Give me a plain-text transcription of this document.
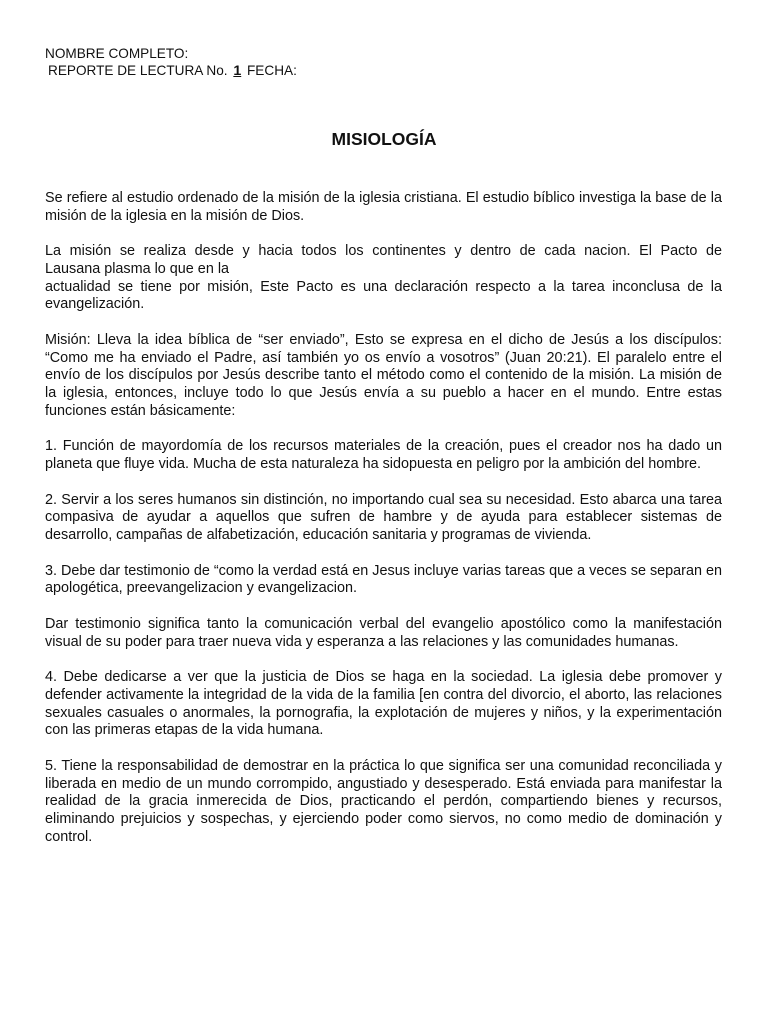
NOMBRE COMPLETO:
REPORTE DE LECTURA No. 1 FECHA:
MISIOLOGÍA

Se refiere al estudio ordenado de la misión de la iglesia cristiana. El estudio bíblico investiga la base de la misión de la iglesia en la misión de Dios.

La misión se realiza desde y hacia todos los continentes y dentro de cada nacion. El Pacto de
Lausana plasma lo que en la
actualidad se tiene por misión, Este Pacto es una declaración respecto a la tarea inconclusa de la evangelización.

Misión: Lleva la idea bíblica de “ser enviado”, Esto se expresa en el dicho de Jesús a los discípulos: “Como me ha enviado el Padre, así también yo os envío a vosotros” (Juan 20:21). El paralelo entre el envío de los discípulos por Jesús describe tanto el método como el contenido de la misión. La misión de la iglesia, entonces, incluye todo lo que Jesús envía a su pueblo a hacer en el mundo. Entre estas funciones están básicamente:

1. Función de mayordomía de los recursos materiales de la creación, pues el creador nos ha dado un planeta que fluye vida. Mucha de esta naturaleza ha sidopuesta en peligro por la ambición del hombre.

2. Servir a los seres humanos sin distinción, no importando cual sea su necesidad. Esto abarca una tarea compasiva de ayudar a aquellos que sufren de hambre y de ayuda para establecer sistemas de desarrollo, campañas de alfabetización, educación sanitaria y programas de vivienda.

3. Debe dar testimonio de “como la verdad está en Jesus incluye varias tareas que a veces se separan en apologética, preevangelizacion y evangelizacion.

Dar testimonio significa tanto la comunicación verbal del evangelio apostólico como la manifestación visual de su poder para traer nueva vida y esperanza a las relaciones y las comunidades humanas.

4. Debe dedicarse a ver que la justicia de Dios se haga en la sociedad. La iglesia debe promover y defender activamente la integridad de la vida de la familia [en contra del divorcio, el aborto, las relaciones sexuales casuales o anormales, la pornografia, la explotación de mujeres y niños, y la experimentación con las primeras etapas de la vida humana.

5. Tiene la responsabilidad de demostrar en la práctica lo que significa ser una comunidad reconciliada y liberada en medio de un mundo corrompido, angustiado y desesperado. Está enviada para manifestar la realidad de la gracia inmerecida de Dios, practicando el perdón, compartiendo bienes y recursos, eliminando prejuicios y sospechas, y ejerciendo poder como siervos, no como medio de dominación y control.
